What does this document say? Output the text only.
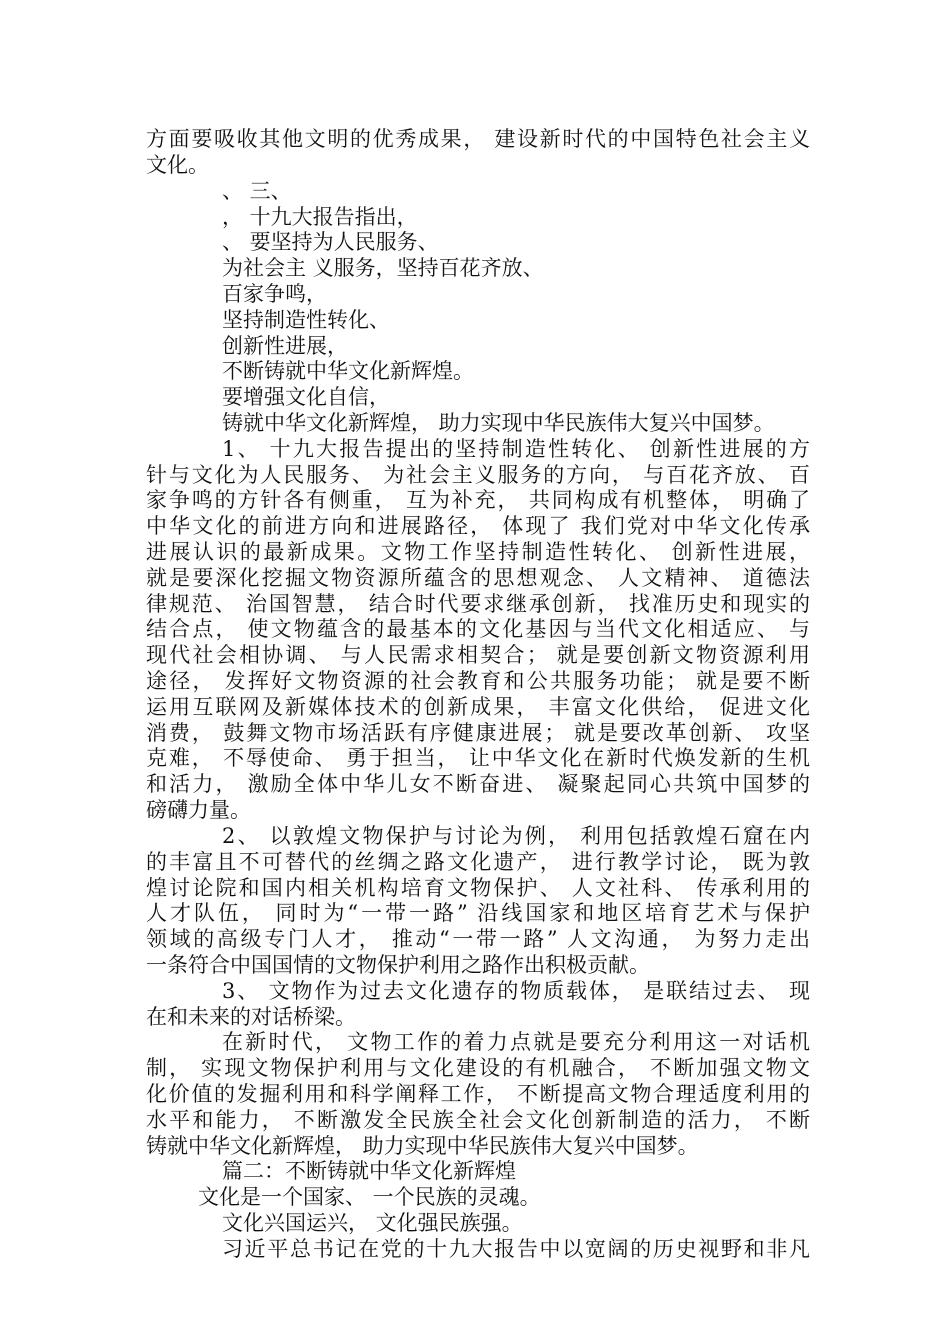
方面要吸收其他文明的优秀成果， 建设新时代的中国特色社会主义
文化。
、 三、
， 十九大报告指出，
、 要坚持为人民服务、
为社会主 义服务，坚持百花齐放、
百家争鸣，
坚持制造性转化、
创新性进展，
不断铸就中华文化新辉煌。
要增强文化自信，
铸就中华文化新辉煌， 助力实现中华民族伟大复兴中国梦。
1、 十九大报告提出的坚持制造性转化、 创新性进展的方
针与文化为人民服务、 为社会主义服务的方向， 与百花齐放、 百
家争鸣的方针各有侧重， 互为补充， 共同构成有机整体， 明确了
中华文化的前进方向和进展路径， 体现了 我们党对中华文化传承
进展认识的最新成果。文物工作坚持制造性转化、 创新性进展，
就是要深化挖掘文物资源所蕴含的思想观念、 人文精神、 道德法
律规范、 治国智慧， 结合时代要求继承创新， 找准历史和现实的
结合点， 使文物蕴含的最基本的文化基因与当代文化相适应、 与
现代社会相协调、 与人民需求相契合； 就是要创新文物资源利用
途径， 发挥好文物资源的社会教育和公共服务功能； 就是要不断
运用互联网及新媒体技术的创新成果， 丰富文化供给， 促进文化
消费， 鼓舞文物市场活跃有序健康进展； 就是要改革创新、 攻坚
克难， 不辱使命、 勇于担当， 让中华文化在新时代焕发新的生机
和活力， 激励全体中华儿女不断奋进、 凝聚起同心共筑中国梦的
磅礴力量。
2、 以敦煌文物保护与讨论为例， 利用包括敦煌石窟在内
的丰富且不可替代的丝绸之路文化遗产， 进行教学讨论， 既为敦
煌讨论院和国内相关机构培育文物保护、 人文社科、 传承利用的
人才队伍， 同时为“一带一路” 沿线国家和地区培育艺术与保护
领域的高级专门人才， 推动“一带一路” 人文沟通， 为努力走出
一条符合中国国情的文物保护利用之路作出积极贡献。
3、 文物作为过去文化遗存的物质载体， 是联结过去、 现
在和未来的对话桥梁。
在新时代， 文物工作的着力点就是要充分利用这一对话机
制， 实现文物保护利用与文化建设的有机融合， 不断加强文物文
化价值的发掘利用和科学阐释工作， 不断提高文物合理适度利用的
水平和能力， 不断激发全民族全社会文化创新制造的活力， 不断
铸就中华文化新辉煌， 助力实现中华民族伟大复兴中国梦。
篇二：不断铸就中华文化新辉煌
文化是一个国家、 一个民族的灵魂。
文化兴国运兴， 文化强民族强。
习近平总书记在党的十九大报告中以宽阔的历史视野和非凡
